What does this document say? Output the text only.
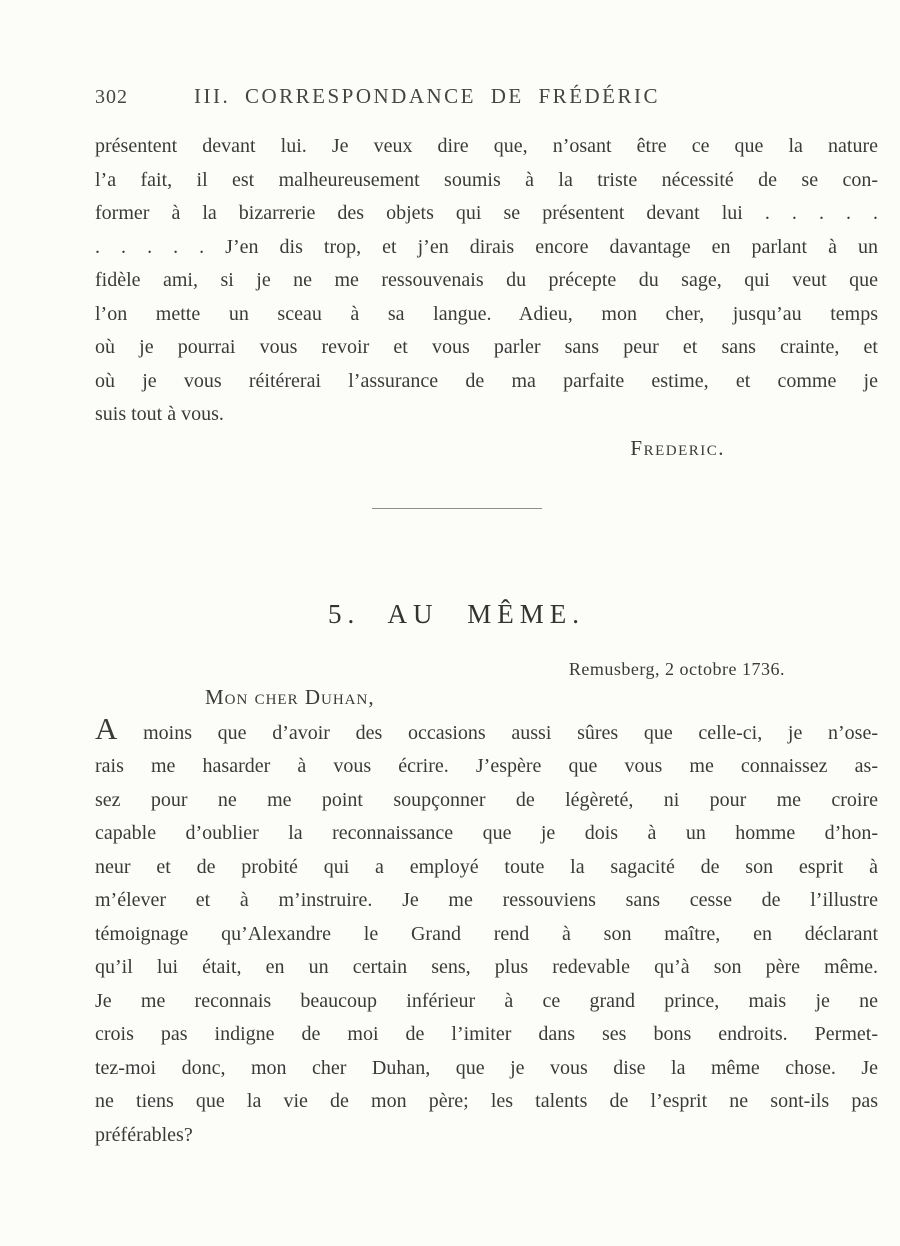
302	III. CORRESPONDANCE DE FRÉDÉRIC
présentent devant lui. Je veux dire que, n’osant être ce que la nature
l’a fait, il est malheureusement soumis à la triste nécessité de se con-
former à la bizarrerie des objets qui se présentent devant lui . . . . .
. . . . . J’en dis trop, et j’en dirais encore davantage en parlant à un
fidèle ami, si je ne me ressouvenais du précepte du sage, qui veut que
l’on mette un sceau à sa langue. Adieu, mon cher, jusqu’au temps
où je pourrai vous revoir et vous parler sans peur et sans crainte, et
où je vous réitérerai l’assurance de ma parfaite estime, et comme je
suis tout à vous.
Frederic.
5. AU MÊME.
Remusberg, 2 octobre 1736.
Mon cher Duhan,
A moins que d’avoir des occasions aussi sûres que celle-ci, je n’ose-
rais me hasarder à vous écrire. J’espère que vous me connaissez as-
sez pour ne me point soupçonner de légèreté, ni pour me croire
capable d’oublier la reconnaissance que je dois à un homme d’hon-
neur et de probité qui a employé toute la sagacité de son esprit à
m’élever et à m’instruire. Je me ressouviens sans cesse de l’illustre
témoignage qu’Alexandre le Grand rend à son maître, en déclarant
qu’il lui était, en un certain sens, plus redevable qu’à son père même.
Je me reconnais beaucoup inférieur à ce grand prince, mais je ne
crois pas indigne de moi de l’imiter dans ses bons endroits. Permet-
tez-moi donc, mon cher Duhan, que je vous dise la même chose. Je
ne tiens que la vie de mon père; les talents de l’esprit ne sont-ils pas
préférables?
